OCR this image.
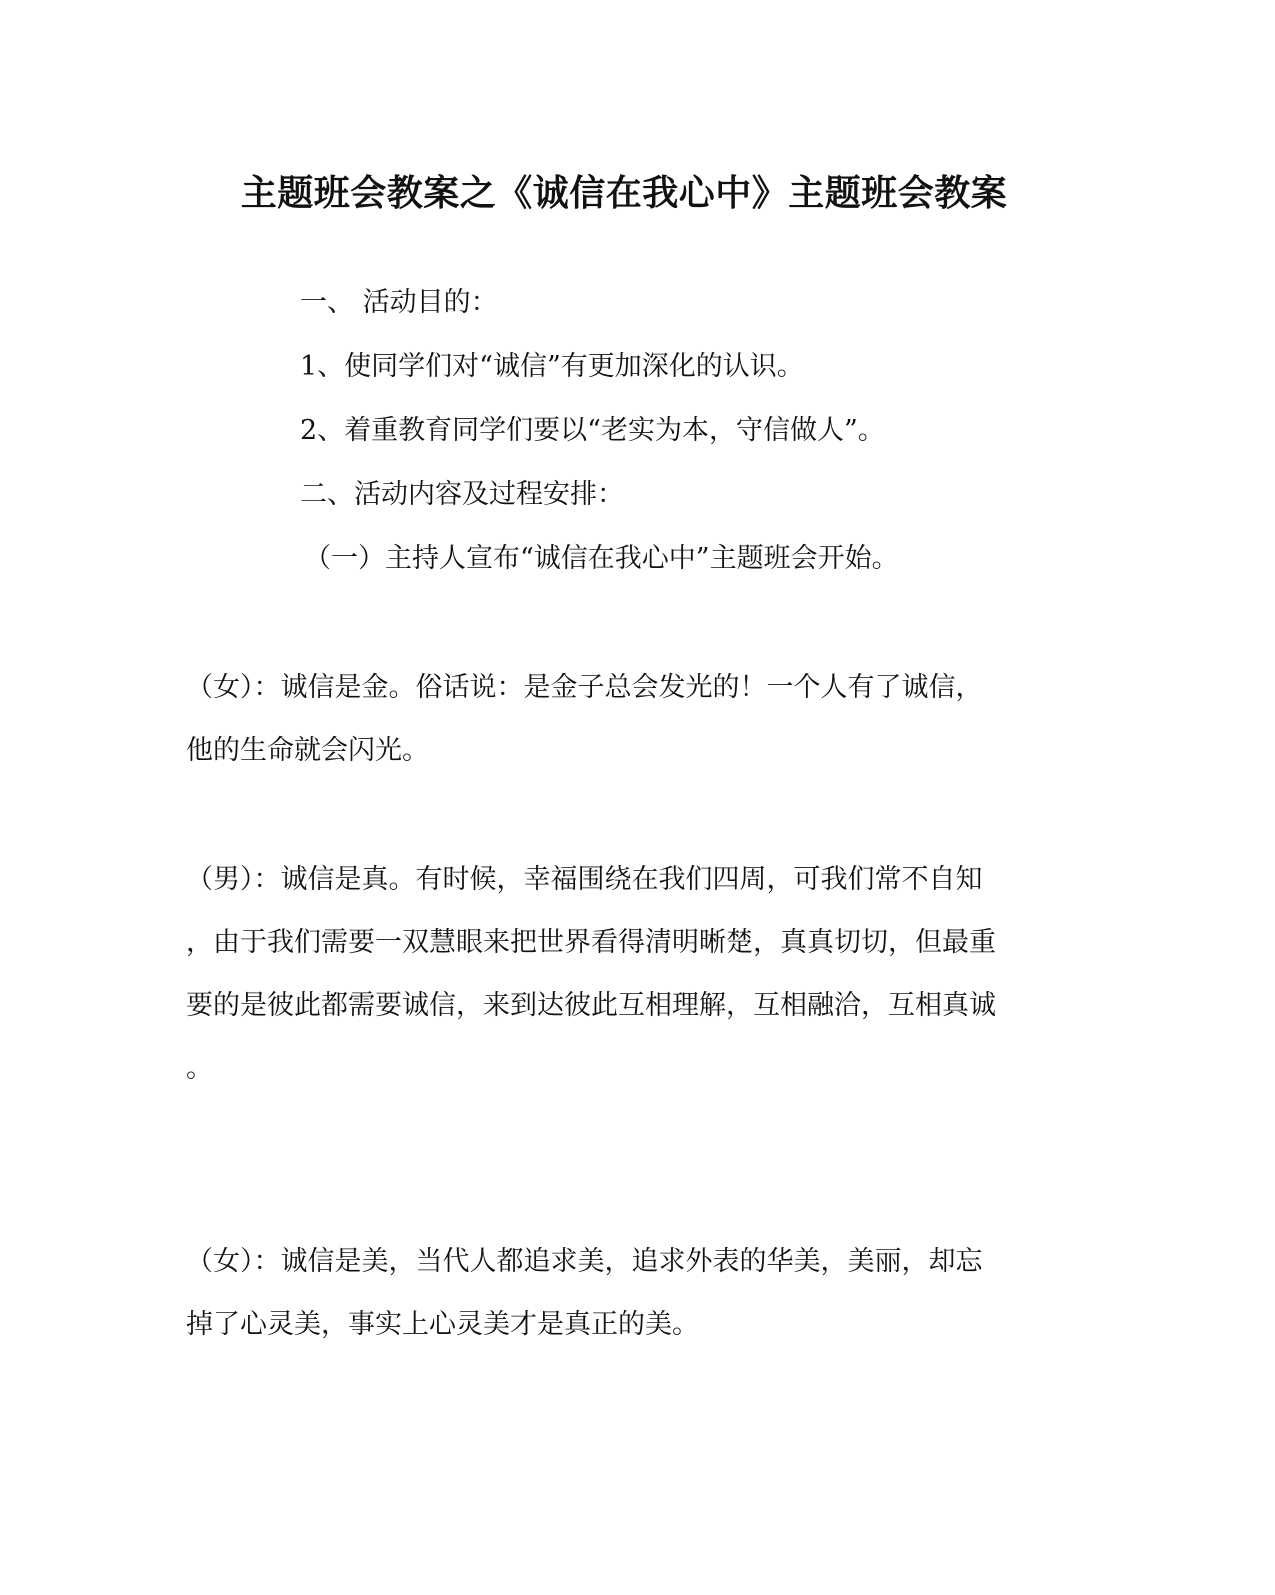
主题班会教案之《诚信在我心中》主题班会教案
一、 活动目的：
1、使同学们对“诚信”有更加深化的认识。
2、着重教育同学们要以“老实为本，守信做人”。
二、活动内容及过程安排：
（一）主持人宣布“诚信在我心中”主题班会开始。
（女）：诚信是金。俗话说：是金子总会发光的！一个人有了诚信，
他的生命就会闪光。
（男）：诚信是真。有时候，幸福围绕在我们四周，可我们常不自知
，由于我们需要一双慧眼来把世界看得清明晰楚，真真切切，但最重
要的是彼此都需要诚信，来到达彼此互相理解，互相融洽，互相真诚
。
（女）：诚信是美，当代人都追求美，追求外表的华美，美丽，却忘
掉了心灵美，事实上心灵美才是真正的美。
